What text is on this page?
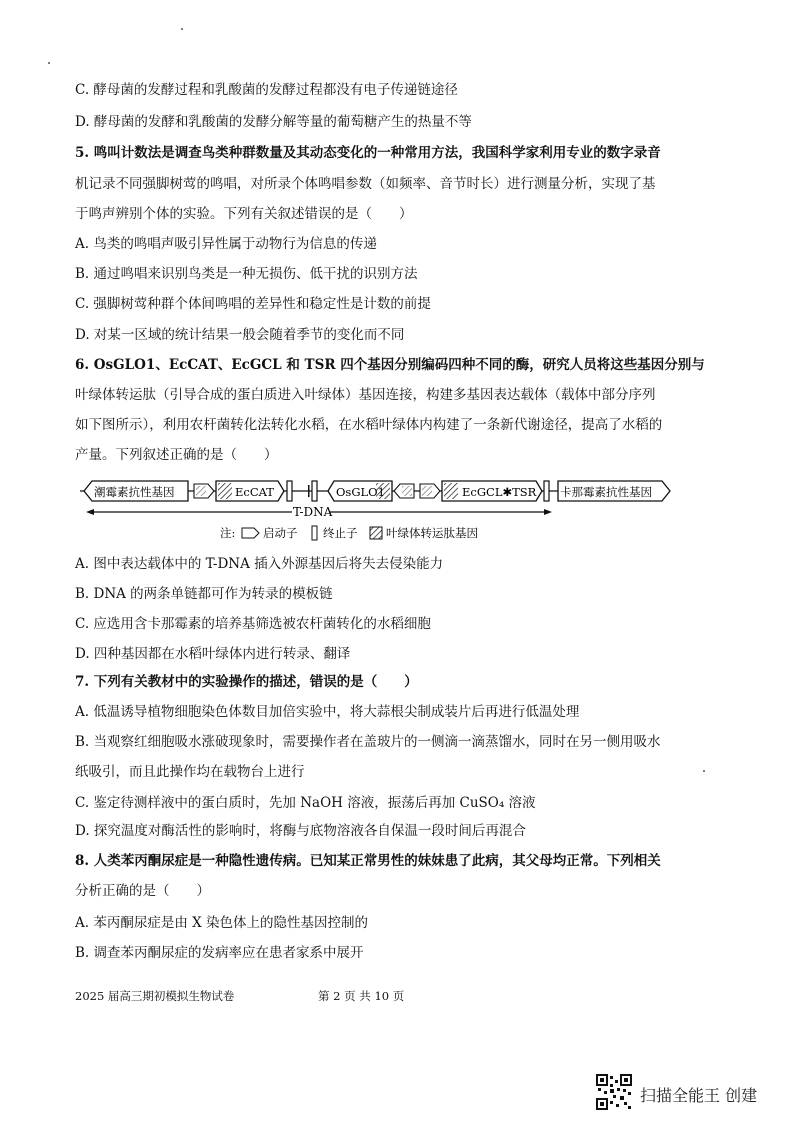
C. 酵母菌的发酵过程和乳酸菌的发酵过程都没有电子传递链途径
D. 酵母菌的发酵和乳酸菌的发酵分解等量的葡萄糖产生的热量不等
5. 鸣叫计数法是调查鸟类种群数量及其动态变化的一种常用方法，我国科学家利用专业的数字录音
机记录不同强脚树莺的鸣唱，对所录个体鸣唱参数（如频率、音节时长）进行测量分析，实现了基
于鸣声辨别个体的实验。下列有关叙述错误的是（　　）
A. 鸟类的鸣唱声吸引异性属于动物行为信息的传递
B. 通过鸣唱来识别鸟类是一种无损伤、低干扰的识别方法
C. 强脚树莺种群个体间鸣唱的差异性和稳定性是计数的前提
D. 对某一区域的统计结果一般会随着季节的变化而不同
6. OsGLO1、EcCAT、EcGCL 和 TSR 四个基因分别编码四种不同的酶，研究人员将这些基因分别与
叶绿体转运肽（引导合成的蛋白质进入叶绿体）基因连接，构建多基因表达载体（载体中部分序列
如下图所示），利用农杆菌转化法转化水稻，在水稻叶绿体内构建了一条新代谢途径，提高了水稻的
产量。下列叙述正确的是（　　）
潮霉素抗性基因	EcCAT	OsGLO1	EcGCL✱TSR 卡那霉素抗性基因
T-DNA
注: 启动子 终止子 叶绿体转运肽基因
A. 图中表达载体中的 T-DNA 插入外源基因后将失去侵染能力
B. DNA 的两条单链都可作为转录的模板链
C. 应选用含卡那霉素的培养基筛选被农杆菌转化的水稻细胞
D. 四种基因都在水稻叶绿体内进行转录、翻译
7. 下列有关教材中的实验操作的描述，错误的是（　　）
A. 低温诱导植物细胞染色体数目加倍实验中，将大蒜根尖制成装片后再进行低温处理
B. 当观察红细胞吸水涨破现象时，需要操作者在盖玻片的一侧滴一滴蒸馏水，同时在另一侧用吸水
纸吸引，而且此操作均在载物台上进行
C. 鉴定待测样液中的蛋白质时，先加 NaOH 溶液，振荡后再加 CuSO₄ 溶液
D. 探究温度对酶活性的影响时，将酶与底物溶液各自保温一段时间后再混合
8. 人类苯丙酮尿症是一种隐性遗传病。已知某正常男性的妹妹患了此病，其父母均正常。下列相关
分析正确的是（　　）
A. 苯丙酮尿症是由 X 染色体上的隐性基因控制的
B. 调查苯丙酮尿症的发病率应在患者家系中展开
2025 届高三期初模拟生物试卷	第 2 页 共 10 页
扫描全能王 创建
